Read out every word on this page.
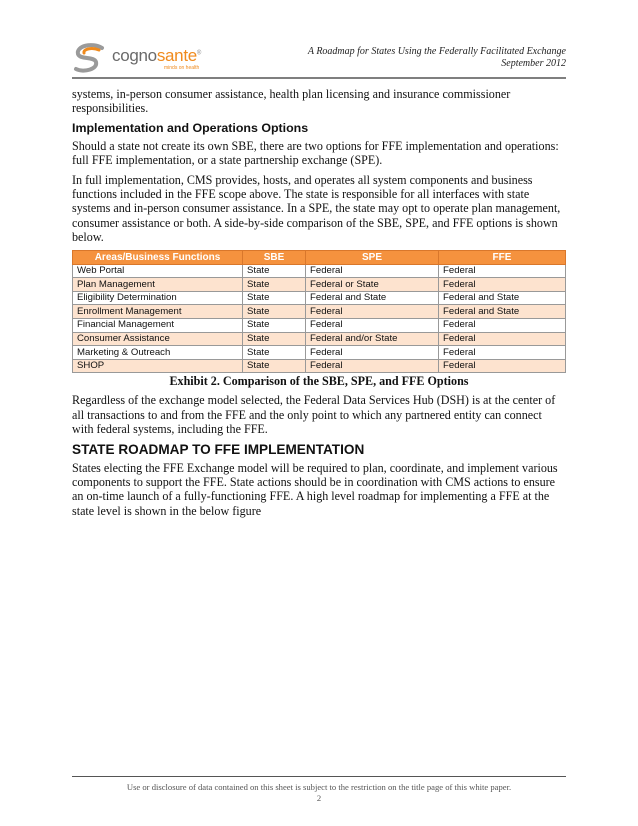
cognosante®
minds on health
A Roadmap for States Using the Federally Facilitated Exchange
September 2012

systems, in-person consumer assistance, health plan licensing and insurance commissioner responsibilities.

Implementation and Operations Options

Should a state not create its own SBE, there are two options for FFE implementation and operations: full FFE implementation, or a state partnership exchange (SPE).

In full implementation, CMS provides, hosts, and operates all system components and business functions included in the FFE scope above. The state is responsible for all interfaces with state systems and in-person consumer assistance. In a SPE, the state may opt to operate plan management, consumer assistance or both. A side-by-side comparison of the SBE, SPE, and FFE options is shown below.

Areas/Business Functions	SBE	SPE	FFE
Web Portal	State	Federal	Federal
Plan Management	State	Federal or State	Federal
Eligibility Determination	State	Federal and State	Federal and State
Enrollment Management	State	Federal	Federal and State
Financial Management	State	Federal	Federal
Consumer Assistance	State	Federal and/or State	Federal
Marketing & Outreach	State	Federal	Federal
SHOP	State	Federal	Federal
Exhibit 2. Comparison of the SBE, SPE, and FFE Options

Regardless of the exchange model selected, the Federal Data Services Hub (DSH) is at the center of all transactions to and from the FFE and the only point to which any partnered entity can connect with federal systems, including the FFE.

STATE ROADMAP TO FFE IMPLEMENTATION

States electing the FFE Exchange model will be required to plan, coordinate, and implement various components to support the FFE. State actions should be in coordination with CMS actions to ensure an on-time launch of a fully-functioning FFE. A high level roadmap for implementing a FFE at the state level is shown in the below figure

Use or disclosure of data contained on this sheet is subject to the restriction on the title page of this white paper.
2
